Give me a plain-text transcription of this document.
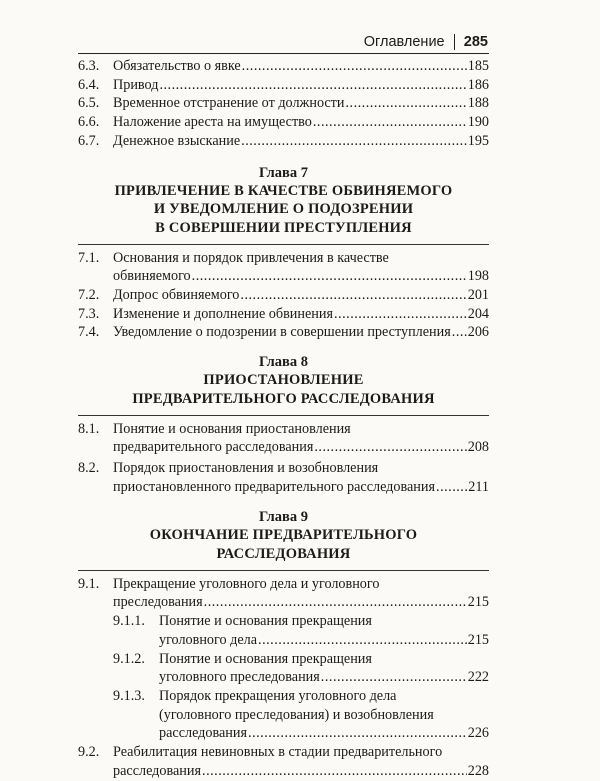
Оглавление 285
6.3. Обязательство о явке .....	185
6.4. Привод .....	186
6.5. Временное отстранение от должности .....	188
6.6. Наложение ареста на имущество .....	190
6.7. Денежное взыскание .....	195
Глава 7
ПРИВЛЕЧЕНИЕ В КАЧЕСТВЕ ОБВИНЯЕМОГО
И УВЕДОМЛЕНИЕ О ПОДОЗРЕНИИ
В СОВЕРШЕНИИ ПРЕСТУПЛЕНИЯ
7.1. Основания и порядок привлечения в качестве
обвиняемого .....	198
7.2. Допрос обвиняемого .....	201
7.3. Изменение и дополнение обвинения .....	204
7.4. Уведомление о подозрении в совершении преступления ..... 206
Глава 8
ПРИОСТАНОВЛЕНИЕ
ПРЕДВАРИТЕЛЬНОГО РАССЛЕДОВАНИЯ
8.1. Понятие и основания приостановления
предварительного расследования .....	208
8.2. Порядок приостановления и возобновления
приостановленного предварительного расследования ..... 211
Глава 9
ОКОНЧАНИЕ ПРЕДВАРИТЕЛЬНОГО
РАССЛЕДОВАНИЯ
9.1. Прекращение уголовного дела и уголовного
преследования .....	215
9.1.1. Понятие и основания прекращения
уголовного дела .....	215
9.1.2. Понятие и основания прекращения
уголовного преследования .....	222
9.1.3. Порядок прекращения уголовного дела
(уголовного преследования) и возобновления
расследования .....	226
9.2. Реабилитация невиновных в стадии предварительного
расследования .....	228
